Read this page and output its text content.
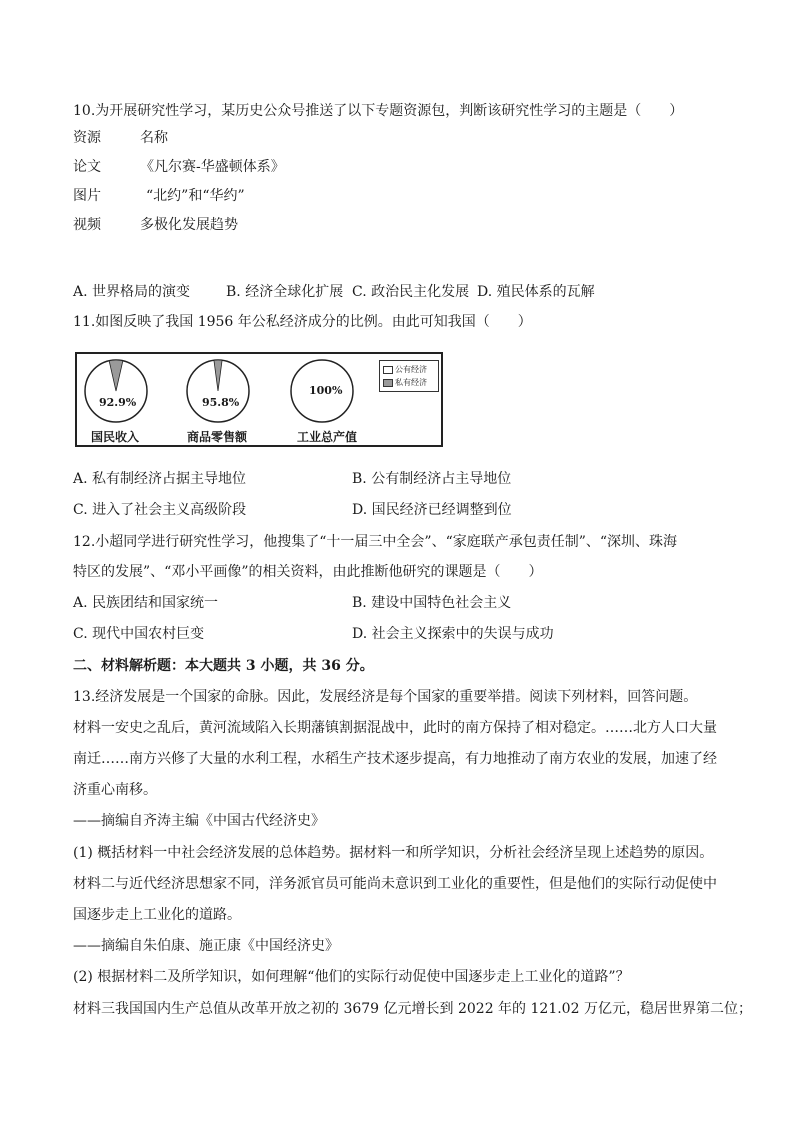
10.为开展研究性学习，某历史公众号推送了以下专题资源包，判断该研究性学习的主题是（　　）
资源	名称
论文	《凡尔赛-华盛顿体系》
图片	“北约”和“华约”
视频	多极化发展趋势
A. 世界格局的演变	B. 经济全球化扩展 C. 政治民主化发展 D. 殖民体系的瓦解
11.如图反映了我国 1956 年公私经济成分的比例。由此可知我国（　　）
92.9%
国民收入
95.8%
商品零售额
100%
工业总产值
公有经济
私有经济
A. 私有制经济占据主导地位	B. 公有制经济占主导地位
C. 进入了社会主义高级阶段	D. 国民经济已经调整到位
12.小超同学进行研究性学习，他搜集了“十一届三中全会”、“家庭联产承包责任制”、“深圳、珠海
特区的发展”、“邓小平画像”的相关资料，由此推断他研究的课题是（　　）
A. 民族团结和国家统一	B. 建设中国特色社会主义
C. 现代中国农村巨变	D. 社会主义探索中的失误与成功
二、材料解析题：本大题共 3 小题，共 36 分。
13.经济发展是一个国家的命脉。因此，发展经济是每个国家的重要举措。阅读下列材料，回答问题。
材料一安史之乱后，黄河流域陷入长期藩镇割据混战中，此时的南方保持了相对稳定。……北方人口大量
南迁……南方兴修了大量的水利工程，水稻生产技术逐步提高，有力地推动了南方农业的发展，加速了经
济重心南移。
——摘编自齐涛主编《中国古代经济史》
(1) 概括材料一中社会经济发展的总体趋势。据材料一和所学知识，分析社会经济呈现上述趋势的原因。
材料二与近代经济思想家不同，洋务派官员可能尚未意识到工业化的重要性，但是他们的实际行动促使中
国逐步走上工业化的道路。
——摘编自朱伯康、施正康《中国经济史》
(2) 根据材料二及所学知识，如何理解“他们的实际行动促使中国逐步走上工业化的道路”？
材料三我国国内生产总值从改革开放之初的 3679 亿元增长到 2022 年的 121.02 万亿元，稳居世界第二位；
